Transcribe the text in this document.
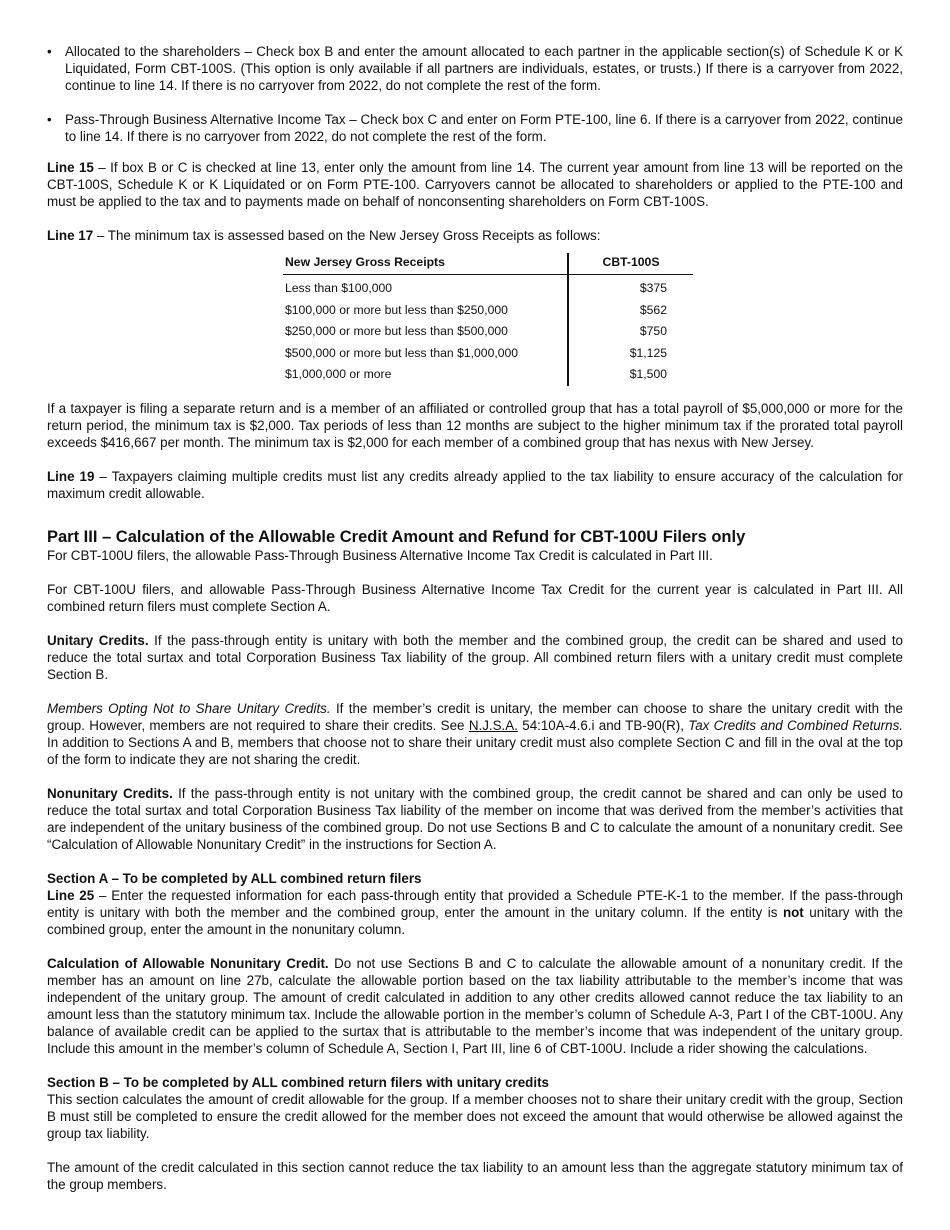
• Allocated to the shareholders – Check box B and enter the amount allocated to each partner in the applicable section(s) of Schedule K or K Liquidated, Form CBT-100S. (This option is only available if all partners are individuals, estates, or trusts.) If there is a carryover from 2022, continue to line 14. If there is no carryover from 2022, do not complete the rest of the form.
• Pass-Through Business Alternative Income Tax – Check box C and enter on Form PTE-100, line 6. If there is a carryover from 2022, continue to line 14. If there is no carryover from 2022, do not complete the rest of the form.

Line 15 – If box B or C is checked at line 13, enter only the amount from line 14. The current year amount from line 13 will be reported on the CBT-100S, Schedule K or K Liquidated or on Form PTE-100. Carryovers cannot be allocated to shareholders or applied to the PTE-100 and must be applied to the tax and to payments made on behalf of nonconsenting shareholders on Form CBT-100S.

Line 17 – The minimum tax is assessed based on the New Jersey Gross Receipts as follows:

New Jersey Gross Receipts	CBT-100S
Less than $100,000	$375
$100,000 or more but less than $250,000	$562
$250,000 or more but less than $500,000	$750
$500,000 or more but less than $1,000,000	$1,125
$1,000,000 or more	$1,500

If a taxpayer is filing a separate return and is a member of an affiliated or controlled group that has a total payroll of $5,000,000 or more for the return period, the minimum tax is $2,000. Tax periods of less than 12 months are subject to the higher minimum tax if the prorated total payroll exceeds $416,667 per month. The minimum tax is $2,000 for each member of a combined group that has nexus with New Jersey.

Line 19 – Taxpayers claiming multiple credits must list any credits already applied to the tax liability to ensure accuracy of the calculation for maximum credit allowable.

Part III – Calculation of the Allowable Credit Amount and Refund for CBT-100U Filers only

For CBT-100U filers, the allowable Pass-Through Business Alternative Income Tax Credit is calculated in Part III.

For CBT-100U filers, and allowable Pass-Through Business Alternative Income Tax Credit for the current year is calculated in Part III. All combined return filers must complete Section A.

Unitary Credits. If the pass-through entity is unitary with both the member and the combined group, the credit can be shared and used to reduce the total surtax and total Corporation Business Tax liability of the group. All combined return filers with a unitary credit must complete Section B.

Members Opting Not to Share Unitary Credits. If the member’s credit is unitary, the member can choose to share the unitary credit with the group. However, members are not required to share their credits. See N.J.S.A. 54:10A-4.6.i and TB-90(R), Tax Credits and Combined Returns. In addition to Sections A and B, members that choose not to share their unitary credit must also complete Section C and fill in the oval at the top of the form to indicate they are not sharing the credit.

Nonunitary Credits. If the pass-through entity is not unitary with the combined group, the credit cannot be shared and can only be used to reduce the total surtax and total Corporation Business Tax liability of the member on income that was derived from the member’s activities that are independent of the unitary business of the combined group. Do not use Sections B and C to calculate the amount of a nonunitary credit. See “Calculation of Allowable Nonunitary Credit” in the instructions for Section A.

Section A – To be completed by ALL combined return filers

Line 25 – Enter the requested information for each pass-through entity that provided a Schedule PTE-K-1 to the member. If the pass-through entity is unitary with both the member and the combined group, enter the amount in the unitary column. If the entity is not unitary with the combined group, enter the amount in the nonunitary column.

Calculation of Allowable Nonunitary Credit. Do not use Sections B and C to calculate the allowable amount of a nonunitary credit. If the member has an amount on line 27b, calculate the allowable portion based on the tax liability attributable to the member’s income that was independent of the unitary group. The amount of credit calculated in addition to any other credits allowed cannot reduce the tax liability to an amount less than the statutory minimum tax. Include the allowable portion in the member’s column of Schedule A-3, Part I of the CBT-100U. Any balance of available credit can be applied to the surtax that is attributable to the member’s income that was independent of the unitary group. Include this amount in the member’s column of Schedule A, Section I, Part III, line 6 of CBT-100U. Include a rider showing the calculations.

Section B – To be completed by ALL combined return filers with unitary credits

This section calculates the amount of credit allowable for the group. If a member chooses not to share their unitary credit with the group, Section B must still be completed to ensure the credit allowed for the member does not exceed the amount that would otherwise be allowed against the group tax liability.

The amount of the credit calculated in this section cannot reduce the tax liability to an amount less than the aggregate statutory minimum tax of the group members.
